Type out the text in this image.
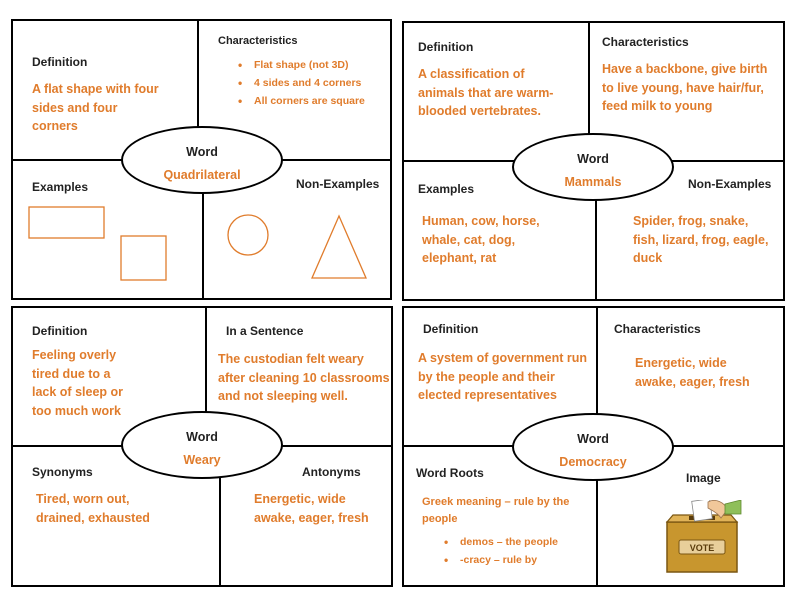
Definition
A flat shape with four sides and four corners
Characteristics
• Flat shape (not 3D)
• 4 sides and 4 corners
• All corners are square
Examples	Non-Examples
Word
Quadrilateral
Definition
A classification of animals that are warm-blooded vertebrates.
Characteristics
Have a backbone, give birth to live young, have hair/fur, feed milk to young
Examples
Human, cow, horse, whale, cat, dog, elephant, rat
Non-Examples
Spider, frog, snake, fish, lizard, frog, eagle, duck
Word
Mammals
Definition
Feeling overly tired due to a lack of sleep or too much work
In a Sentence
The custodian felt weary after cleaning 10 classrooms and not sleeping well.
Synonyms
Tired, worn out, drained, exhausted
Antonyms
Energetic, wide awake, eager, fresh
Word
Weary
Definition
A system of government run by the people and their elected representatives
Characteristics
Energetic, wide awake, eager, fresh
Word Roots
Greek meaning – rule by the people
• demos – the people
• -cracy – rule by
Image
VOTE
Word
Democracy
